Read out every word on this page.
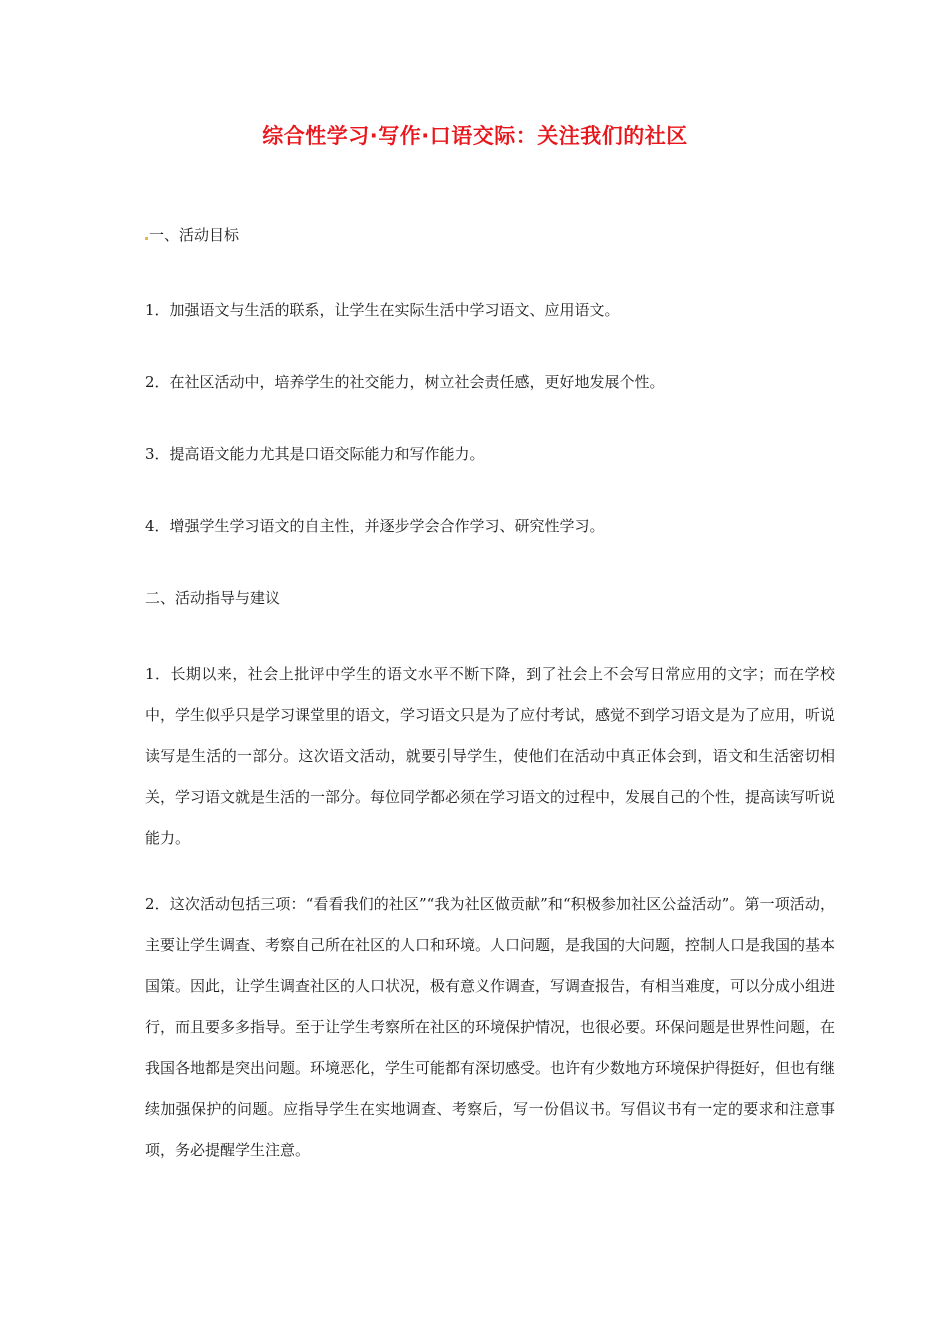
综合性学习·写作·口语交际：关注我们的社区

一、活动目标

1．加强语文与生活的联系，让学生在实际生活中学习语文、应用语文。

2．在社区活动中，培养学生的社交能力，树立社会责任感，更好地发展个性。

3．提高语文能力尤其是口语交际能力和写作能力。

4．增强学生学习语文的自主性，并逐步学会合作学习、研究性学习。

二、活动指导与建议

1．长期以来，社会上批评中学生的语文水平不断下降，到了社会上不会写日常应用的文字；而在学校中，学生似乎只是学习课堂里的语文，学习语文只是为了应付考试，感觉不到学习语文是为了应用，听说读写是生活的一部分。这次语文活动，就要引导学生，使他们在活动中真正体会到，语文和生活密切相关，学习语文就是生活的一部分。每位同学都必须在学习语文的过程中，发展自己的个性，提高读写听说能力。

2．这次活动包括三项：“看看我们的社区”“我为社区做贡献”和“积极参加社区公益活动”。第一项活动，主要让学生调查、考察自己所在社区的人口和环境。人口问题，是我国的大问题，控制人口是我国的基本国策。因此，让学生调查社区的人口状况，极有意义作调查，写调查报告，有相当难度，可以分成小组进行，而且要多多指导。至于让学生考察所在社区的环境保护情况，也很必要。环保问题是世界性问题，在我国各地都是突出问题。环境恶化，学生可能都有深切感受。也许有少数地方环境保护得挺好，但也有继续加强保护的问题。应指导学生在实地调查、考察后，写一份倡议书。写倡议书有一定的要求和注意事项，务必提醒学生注意。
